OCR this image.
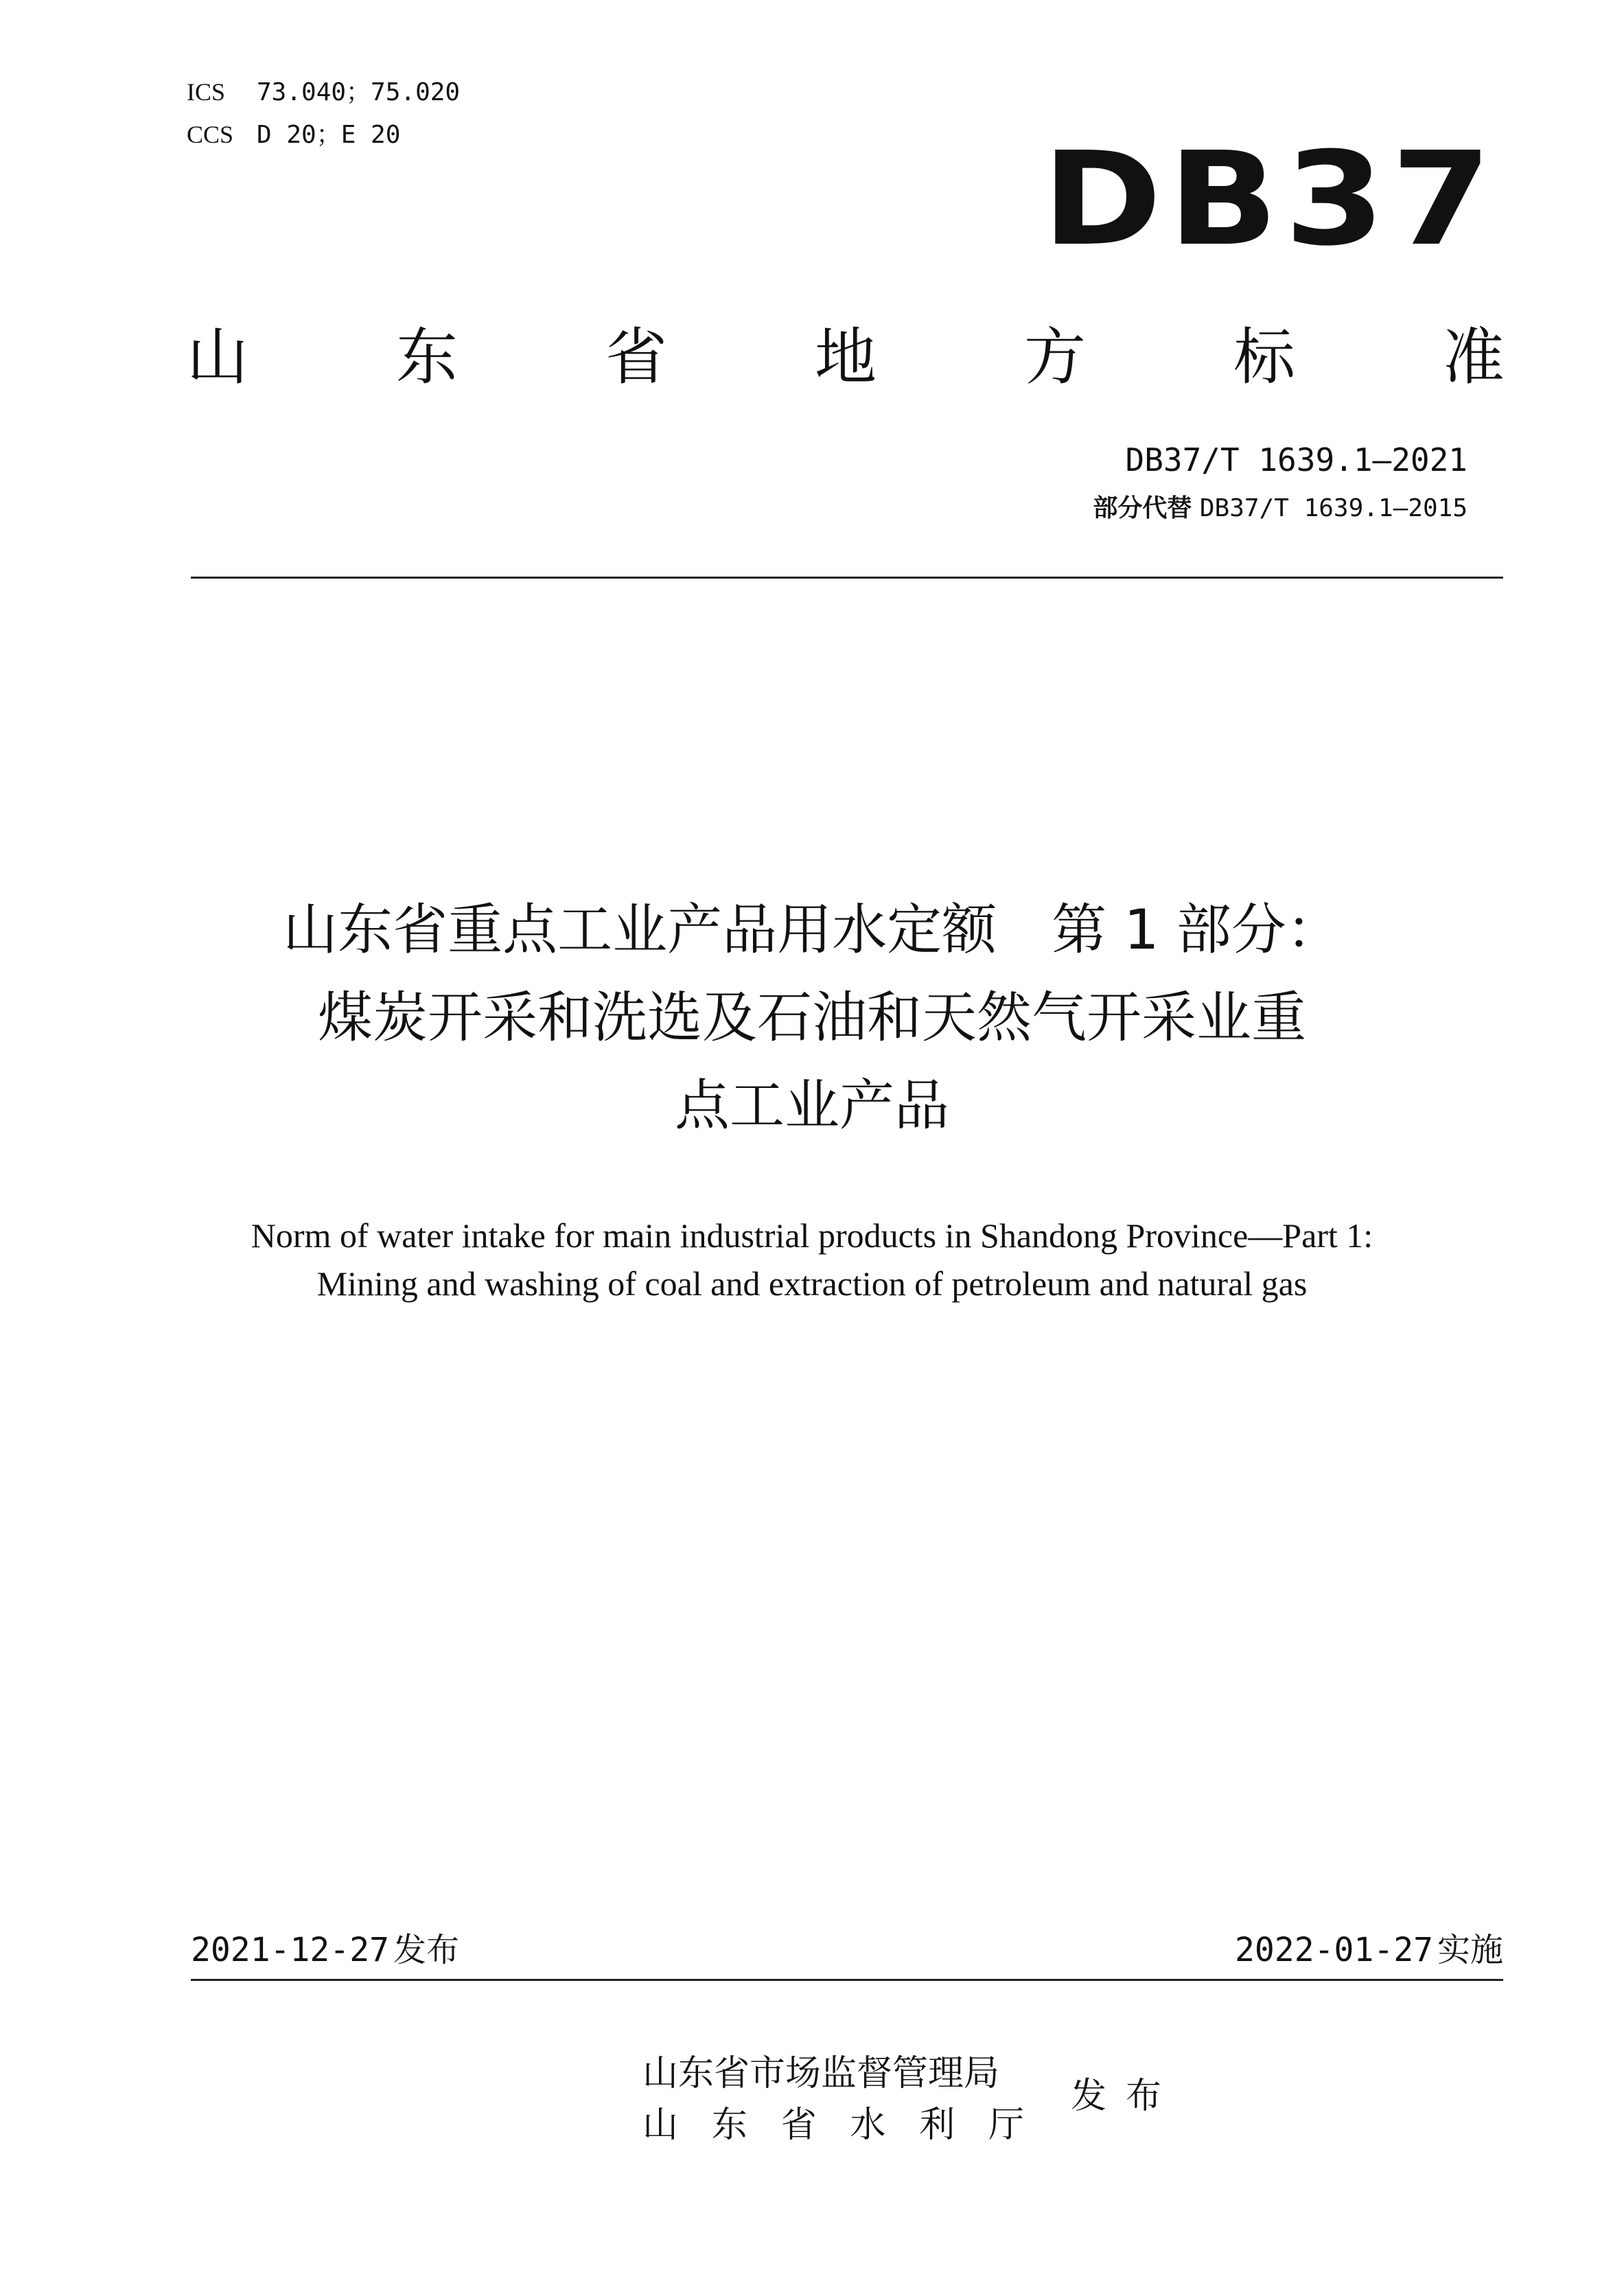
ICS 73.040；75.020
CCS D 20；E 20	DB37
山 东 省 地 方 标 准
DB37/T 1639.1—2021
部分代替 DB37/T 1639.1—2015
山东省重点工业产品用水定额　第 1 部分：
煤炭开采和洗选及石油和天然气开采业重
点工业产品
Norm of water intake for main industrial products in Shandong Province—Part 1:
Mining and washing of coal and extraction of petroleum and natural gas
2021-12-27 发布	2022-01-27 实施
山东省市场监督管理局
山 东 省 水 利 厅
发布
